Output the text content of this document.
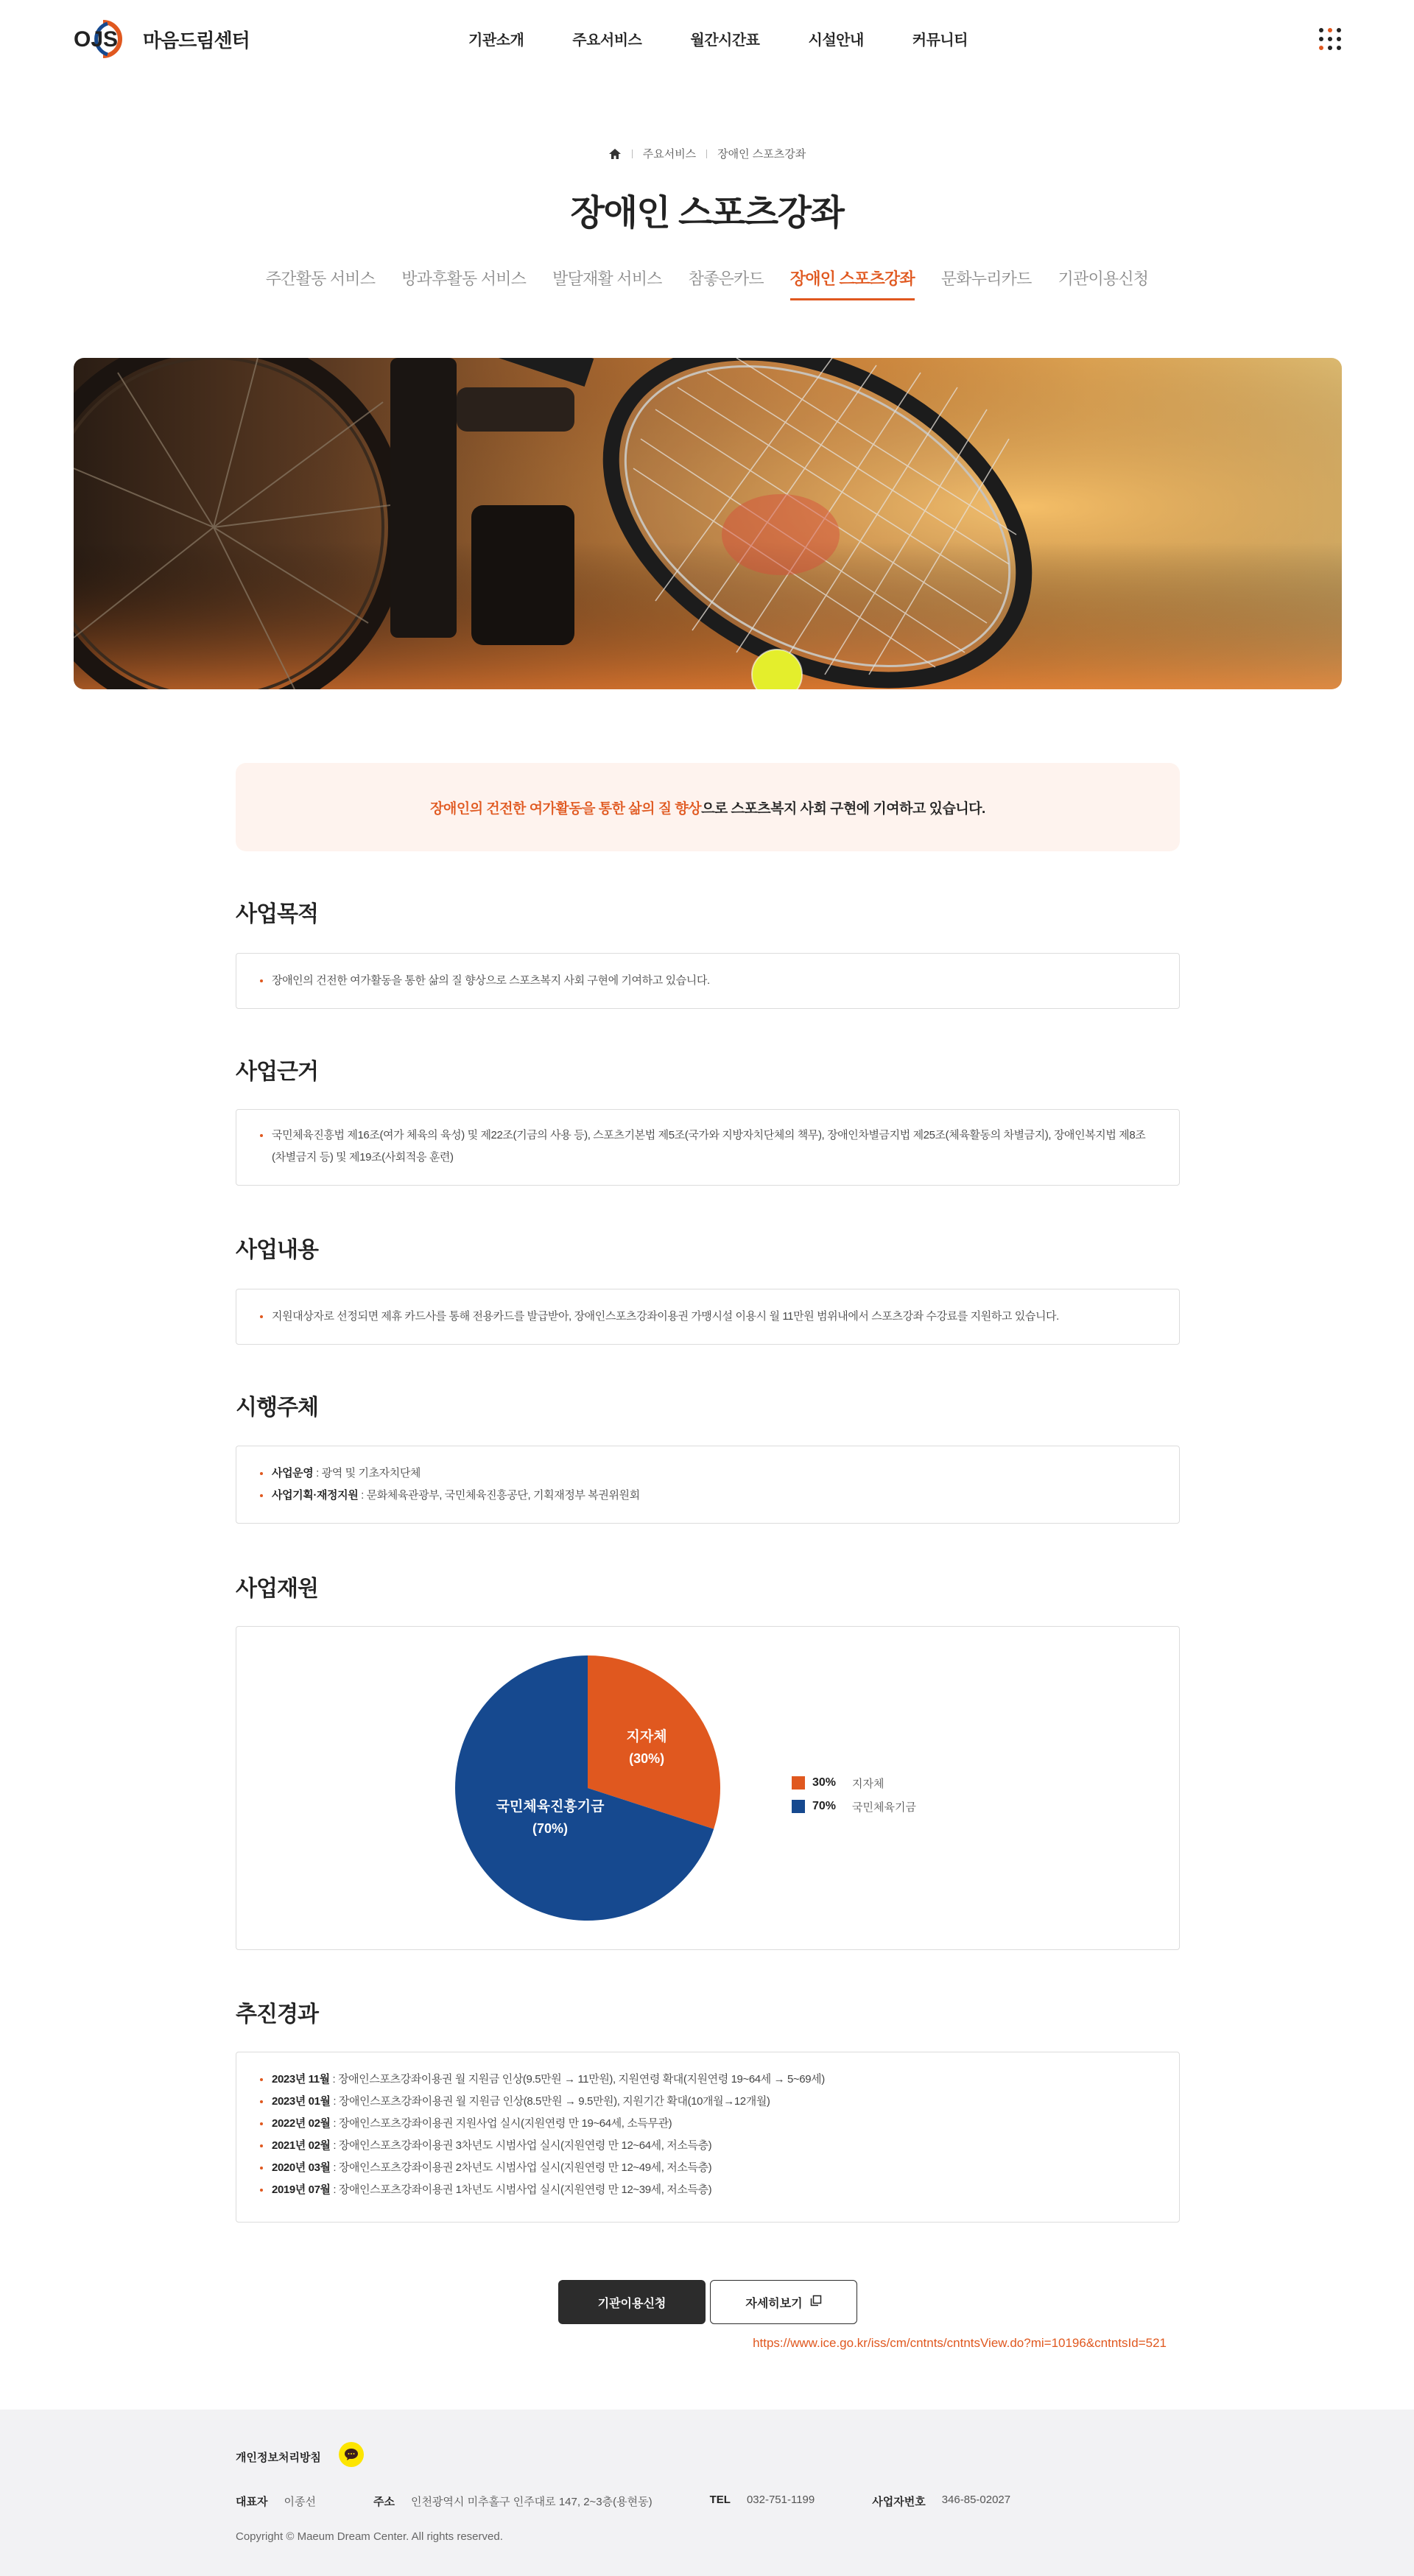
OJS 마음드림센터	기관소개	주요서비스	월간시간표	시설안내	커뮤니티
주요서비스 장애인 스포츠강좌
장애인 스포츠강좌
주간활동 서비스 방과후활동 서비스 발달재활 서비스 참좋은카드 장애인 스포츠강좌 문화누리카드 기관이용신청
장애인의 건전한 여가활동을 통한 삶의 질 향상 으로 스포츠복지 사회 구현에 기여하고 있습니다.
사업목적
장애인의 건전한 여가활동을 통한 삶의 질 향상으로 스포츠복지 사회 구현에 기여하고 있습니다.
사업근거
국민체육진흥법 제16조(여가 체육의 육성) 및 제22조(기금의 사용 등), 스포츠기본법 제5조(국가와 지방자치단체의 책무), 장애인차별금지법 제25조(체육활동의 차별금지), 장애인복지법 제8조(차별금지 등) 및 제19조(사회적응 훈련)
사업내용
지원대상자로 선정되면 제휴 카드사를 통해 전용카드를 발급받아, 장애인스포츠강좌이용권 가맹시설 이용시 월 11만원 범위내에서 스포츠강좌 수강료를 지원하고 있습니다.
시행주체
사업운영 : 광역 및 기초자치단체
사업기획·재정지원 : 문화체육관광부, 국민체육진흥공단, 기획재정부 복권위원회
사업재원
지자체
(30%)
국민체육진흥기금
(70%)
30%	지자체
70%	국민체육기금
추진경과
2023년 11월 : 장애인스포츠강좌이용권 월 지원금 인상(9.5만원 → 11만원), 지원연령 확대(지원연령 19~64세 → 5~69세)
2023년 01월 : 장애인스포츠강좌이용권 월 지원금 인상(8.5만원 → 9.5만원), 지원기간 확대(10개월→12개월)
2022년 02월 : 장애인스포츠강좌이용권 지원사업 실시(지원연령 만 19~64세, 소득무관)
2021년 02월 : 장애인스포츠강좌이용권 3차년도 시범사업 실시(지원연령 만 12~64세, 저소득층)
2020년 03월 : 장애인스포츠강좌이용권 2차년도 시범사업 실시(지원연령 만 12~49세, 저소득층)
2019년 07월 : 장애인스포츠강좌이용권 1차년도 시범사업 실시(지원연령 만 12~39세, 저소득층)
기관이용신청	자세히보기
https://www.ice.go.kr/iss/cm/cntnts/cntntsView.do?mi=10196&cntntsId=521
개인정보처리방침
대표자 이종선	주소 인천광역시 미추홀구 인주대로 147, 2~3층(용현동)	TEL 032-751-1199	사업자번호 346-85-02027

Copyright © Maeum Dream Center. All rights reserved.
